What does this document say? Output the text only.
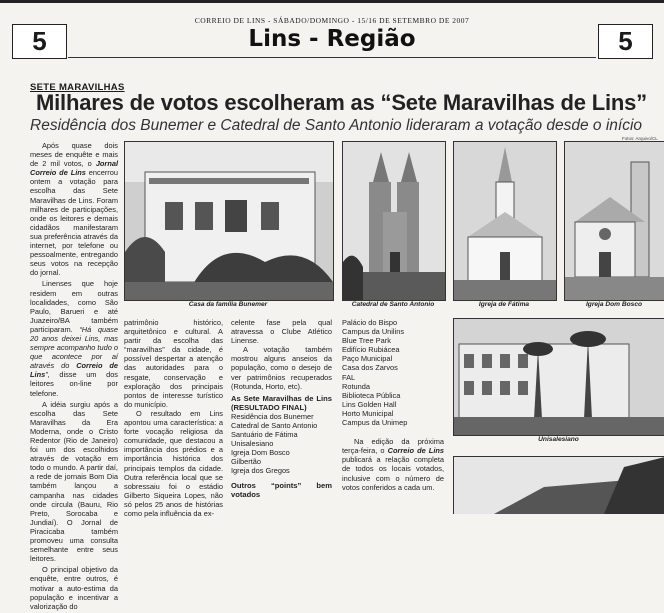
CORREIO DE LINS - SÁBADO/DOMINGO - 15/16 DE SETEMBRO DE 2007
5	Lins - Região	5
SETE MARAVILHAS
Milhares de votos escolheram as “Sete Maravilhas de Lins”
Residência dos Bunemer e Catedral de Santo Antonio lideraram a votação desde o início
Fotos: Arquivo/CL

Após quase dois meses de enquête e mais de 2 mil votos, o Jornal Correio de Lins encerrou ontem a votação para escolha das Sete Maravilhas de Lins. Foram milhares de participações, onde os leitores e demais cidadãos manifestaram sua preferência através da internet, por telefone ou pessoalmente, entregando seus votos na recepção do jornal.

Linenses que hoje residem em outras localidades, como São Paulo, Barueri e até Juazeiro/BA também participaram. “Há quase 20 anos deixei Lins, mas sempre acompanho tudo o que acontece por aí através do Correio de Lins”, disse um dos leitores on-line por telefone.

A idéia surgiu após a escolha das Sete Maravilhas da Era Moderna, onde o Cristo Redentor (Rio de Janeiro) foi um dos escolhidos através de votação em todo o mundo. A partir daí, a rede de jornais Bom Dia também lançou a campanha nas cidades onde circula (Bauru, Rio Preto, Sorocaba e Jundiaí). O Jornal de Piracicaba também promoveu uma consulta semelhante entre seus leitores.

O principal objetivo da enquête, entre outros, é motivar a auto-estima da população e incentivar a valorização do

Casa da família Bunemer	Catedral de Santo Antonio	Igreja de Fátima	Igreja Dom Bosco
Unisalesiano

patrimônio histórico, arquitetônico e cultural. A partir da escolha das “maravilhas” da cidade, é possível despertar a atenção das autoridades para o resgate, conservação e exploração dos principais pontos de interesse turístico do município.

O resultado em Lins apontou uma característica: a forte vocação religiosa da comunidade, que destacou a importância dos prédios e a importância histórica dos principais templos da cidade. Outra referência local que se sobressaiu foi o estádio Gilberto Siqueira Lopes, não só pelos 25 anos de histórias como pela influência da ex-

celente fase pela qual atravessa o Clube Atlético Linense.

A votação também mostrou alguns anseios da população, como o desejo de ver patrimônios recuperados (Rotunda, Horto, etc).

As Sete Maravilhas de Lins (RESULTADO FINAL)
Residência dos Bunemer
Catedral de Santo Antonio
Santuário de Fátima
Unisalesiano
Igreja Dom Bosco
Gilbertão
Igreja dos Gregos
Outros “points” bem votados
Palácio do Bispo
Campus da Unilins
Blue Tree Park
Edifício Rubiácea
Paço Municipal
Casa dos Zarvos
FAL
Rotunda
Biblioteca Pública
Lins Golden Hall
Horto Municipal
Campus da Unimep

Na edição da próxima terça-feira, o Correio de Lins publicará a relação completa de todos os locais votados, inclusive com o número de votos conferidos a cada um.
